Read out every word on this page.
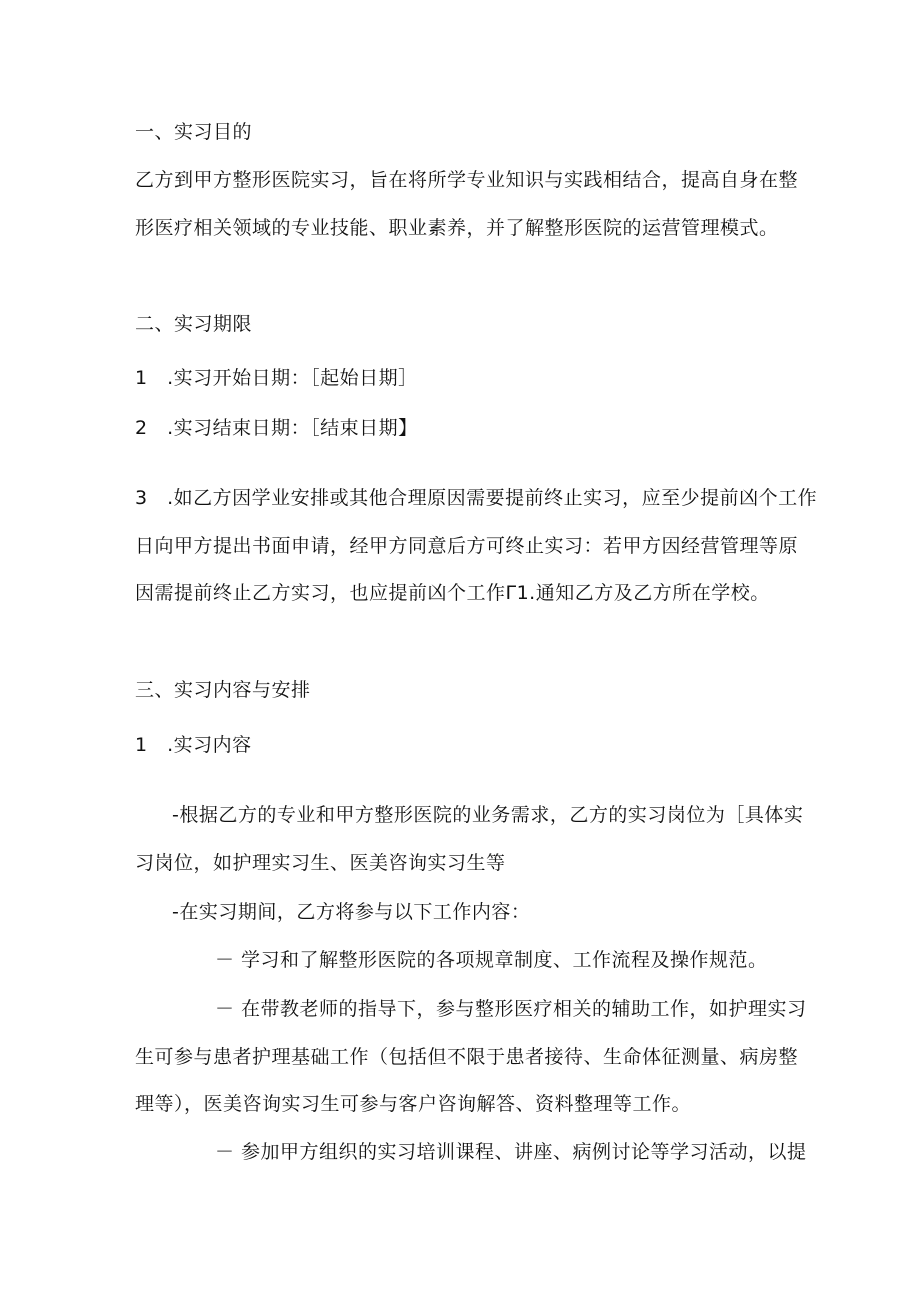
一、实习目的
乙方到甲方整形医院实习，旨在将所学专业知识与实践相结合，提高自身在整
形医疗相关领域的专业技能、职业素养，并了解整形医院的运营管理模式。
二、实习期限
1　.实习开始日期：［起始日期］
2　.实习结束日期：［结束日期】
3　.如乙方因学业安排或其他合理原因需要提前终止实习，应至少提前凶个工作
日向甲方提出书面申请，经甲方同意后方可终止实习：若甲方因经营管理等原
因需提前终止乙方实习，也应提前凶个工作Γ1.通知乙方及乙方所在学校。
三、实习内容与安排
1　.实习内容
-根据乙方的专业和甲方整形医院的业务需求，乙方的实习岗位为［具体实
习岗位，如护理实习生、医美咨询实习生等
-在实习期间，乙方将参与以下工作内容：
－ 学习和了解整形医院的各项规章制度、工作流程及操作规范。
－ 在带教老师的指导下，参与整形医疗相关的辅助工作，如护理实习
生可参与患者护理基础工作（包括但不限于患者接待、生命体征测量、病房整
理等），医美咨询实习生可参与客户咨询解答、资料整理等工作。
－ 参加甲方组织的实习培训课程、讲座、病例讨论等学习活动，以提
